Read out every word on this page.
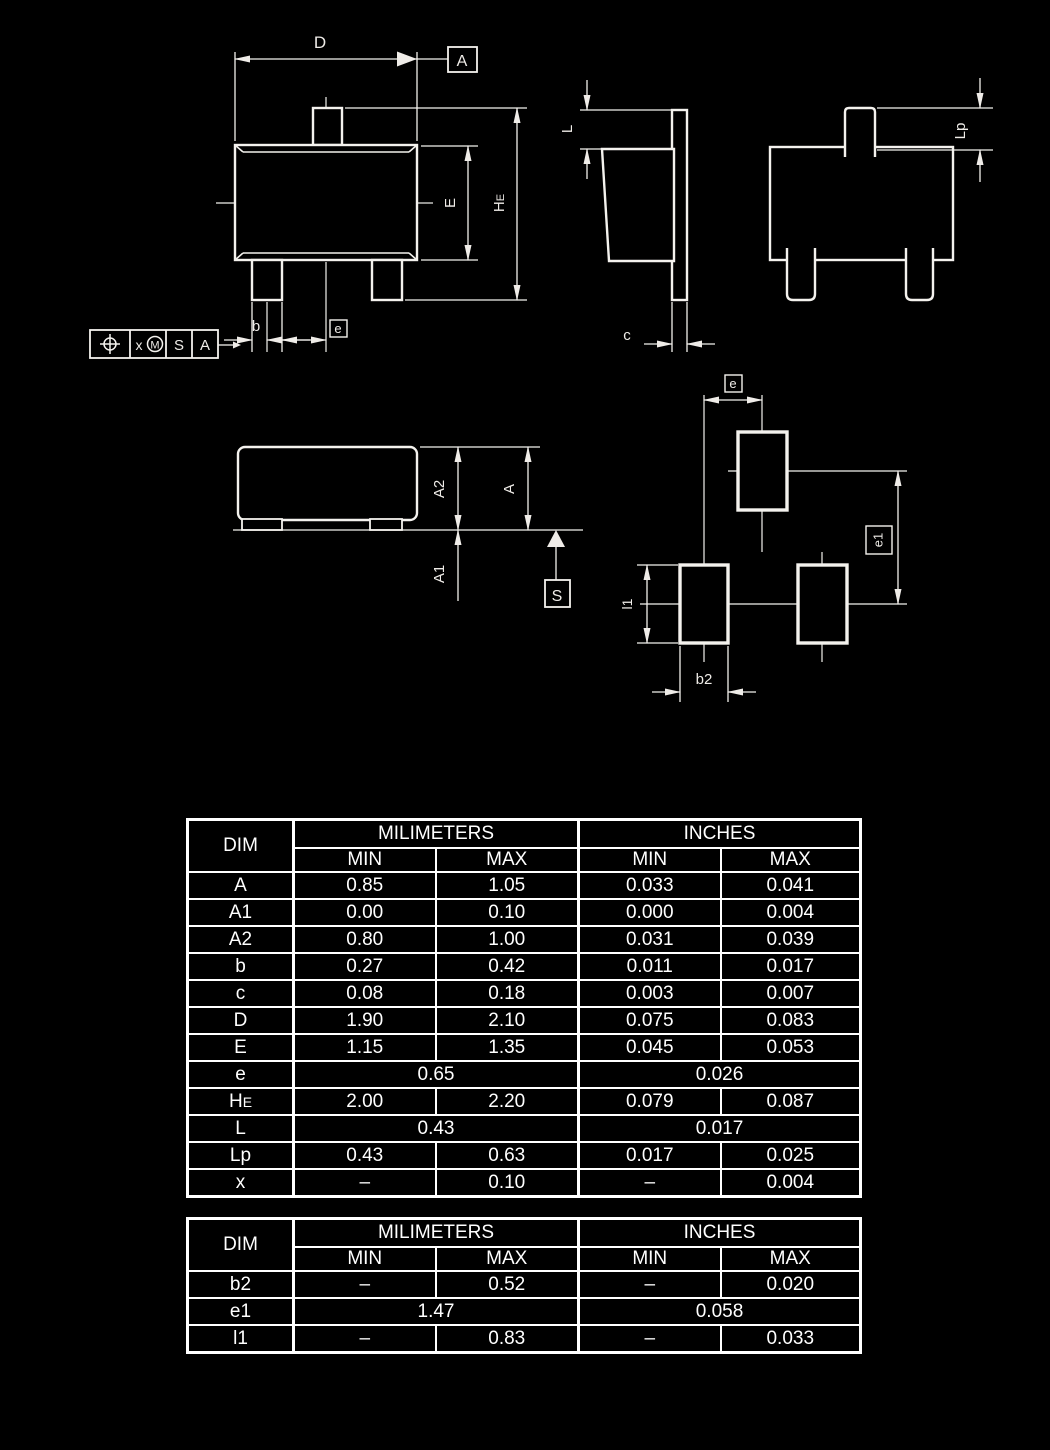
D
A
E HE
b	e
x M S A
L
c
Lp
A2	A
A1
S
e
e1
l1
b2
DIM	MILIMETERS		INCHES	
	MIN	MAX	MIN	MAX
A	0.85	1.05	0.033	0.041
A1	0.00	0.10	0.000	0.004
A2	0.80	1.00	0.031	0.039
b	0.27	0.42	0.011	0.017
c	0.08	0.18	0.003	0.007
D	1.90	2.10	0.075	0.083
E	1.15	1.35	0.045	0.053
e	0.65		0.026	
HE	2.00	2.20	0.079	0.087
L	0.43		0.017	
Lp	0.43	0.63	0.017	0.025
x	–	0.10	–	0.004
DIM	MILIMETERS		INCHES	
	MIN	MAX	MIN	MAX
b2	–	0.52	–	0.020
e1	1.47		0.058	
l1	–	0.83	–	0.033
